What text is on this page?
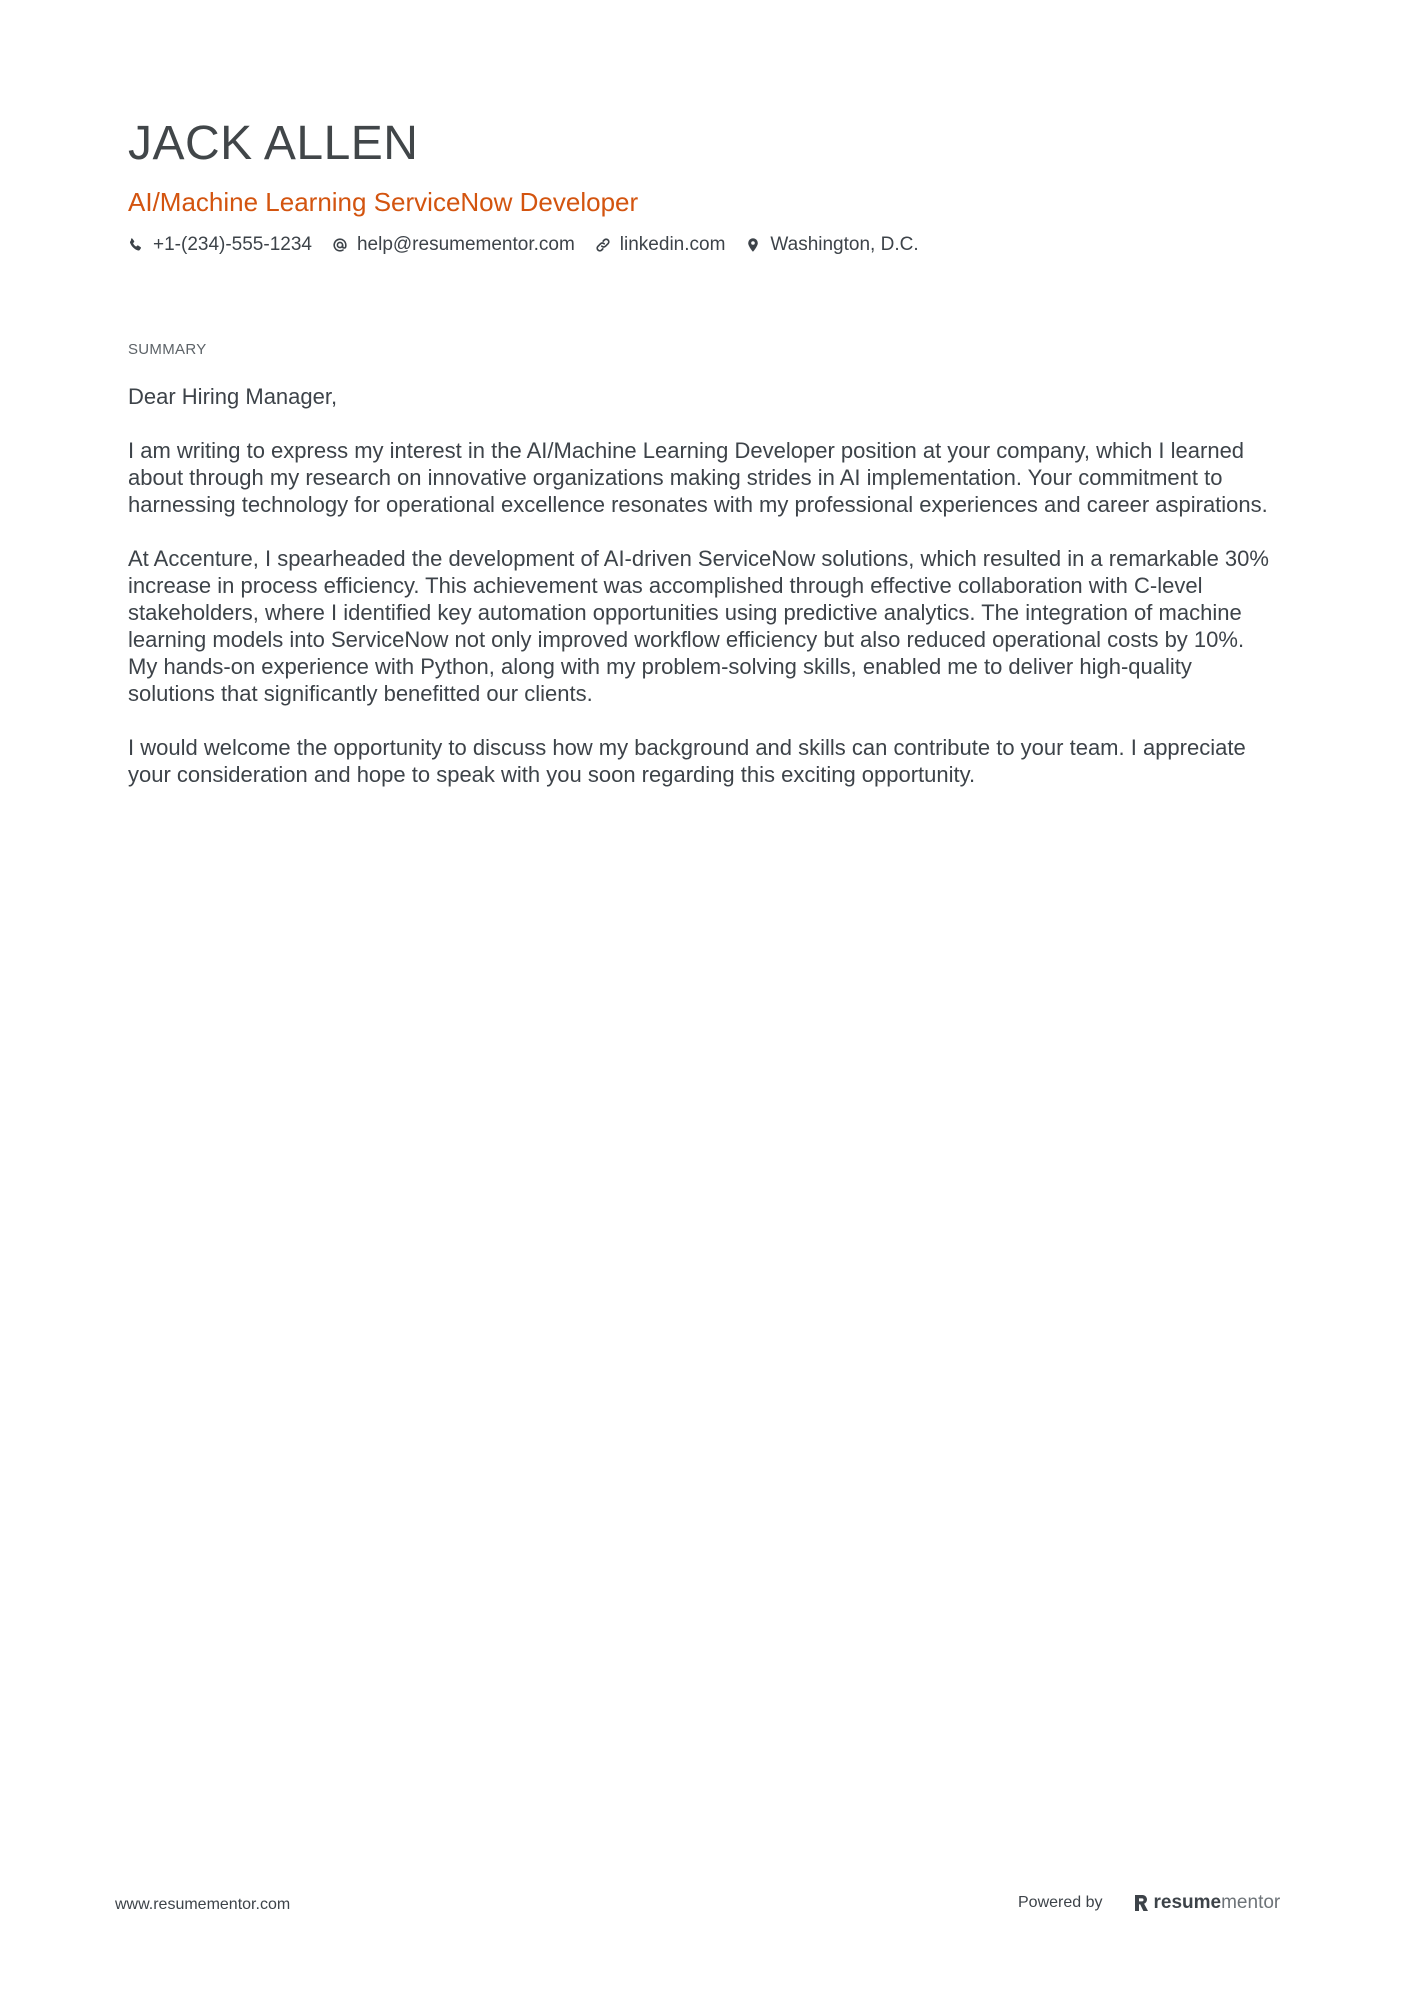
JACK ALLEN
AI/Machine Learning ServiceNow Developer
+1-(234)-555-1234 help@resumementor.com linkedin.com Washington, D.C.
SUMMARY

Dear Hiring Manager,

I am writing to express my interest in the AI/Machine Learning Developer position at your company, which I learned about through my research on innovative organizations making strides in AI implementation. Your commitment to harnessing technology for operational excellence resonates with my professional experiences and career aspirations.

At Accenture, I spearheaded the development of AI-driven ServiceNow solutions, which resulted in a remarkable 30% increase in process efficiency. This achievement was accomplished through effective collaboration with C-level stakeholders, where I identified key automation opportunities using predictive analytics. The integration of machine learning models into ServiceNow not only improved workflow efficiency but also reduced operational costs by 10%. My hands-on experience with Python, along with my problem-solving skills, enabled me to deliver high-quality solutions that significantly benefitted our clients.

I would welcome the opportunity to discuss how my background and skills can contribute to your team. I appreciate your consideration and hope to speak with you soon regarding this exciting opportunity.

www.resumementor.com	Powered by	resume mentor
